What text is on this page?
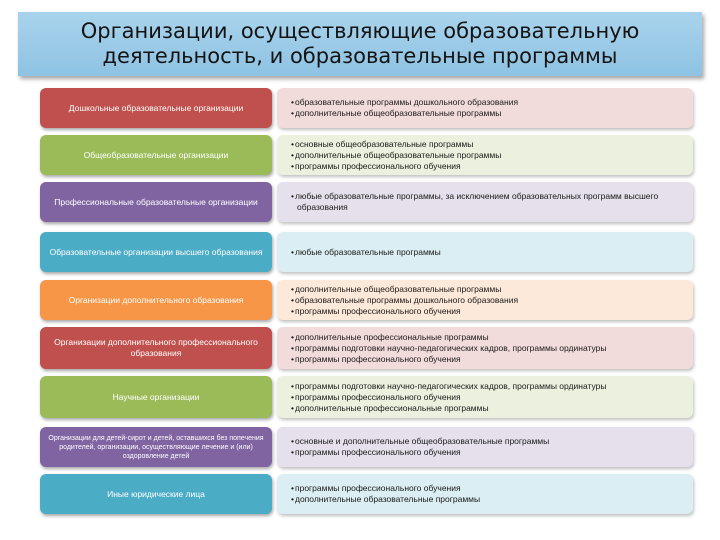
Организации, осуществляющие образовательную деятельность, и образовательные программы
Дошкольные образовательные организации
• образовательные программы дошкольного образования
• дополнительные общеобразовательные программы
Общеобразовательные организации
• основные общеобразовательные программы
• дополнительные общеобразовательные программы
• программы профессионального обучения
Профессиональные образовательные организации
• любые образовательные программы, за исключением образовательных программ высшего образования
Образовательные организации высшего образования
•	любые образовательные программы
Организации дополнительного образования
• дополнительные общеобразовательные программы
• образовательные программы дошкольного образования
• программы профессионального обучения
Организации дополнительного профессионального образования
• дополнительные профессиональные программы
• программы подготовки научно-педагогических кадров, программы ординатуры
• программы профессионального обучения
Научные организации
• программы подготовки научно-педагогических кадров, программы ординатуры
• программы профессионального обучения
• дополнительные профессиональные программы
Организации для детей-сирот и детей, оставшихся без попечения родителей, организации, осуществляющие лечение и (или) оздоровление детей
• основные и дополнительные общеобразовательные программы
• программы профессионального обучения
Иные юридические лица
• программы профессионального обучения
• дополнительные образовательные программы
